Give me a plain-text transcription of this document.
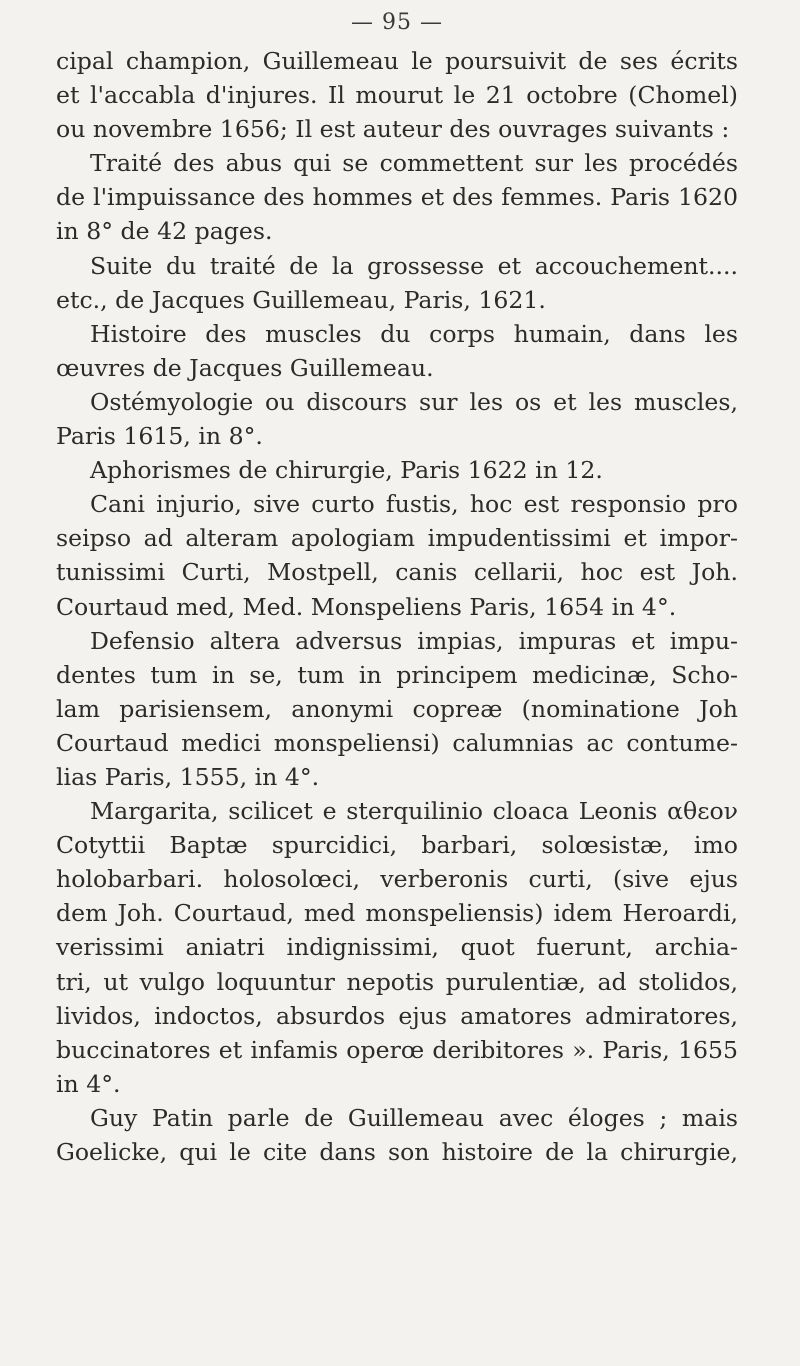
— 95 —
cipal champion, Guillemeau le poursuivit de ses écrits
et l'accabla d'injures. Il mourut le 21 octobre (Chomel)
ou novembre 1656; Il est auteur des ouvrages suivants :
Traité des abus qui se commettent sur les procédés
de l'impuissance des hommes et des femmes. Paris 1620
in 8° de 42 pages.
Suite du traité de la grossesse et accouchement....
etc., de Jacques Guillemeau, Paris, 1621.
Histoire des muscles du corps humain, dans les
œuvres de Jacques Guillemeau.
Ostémyologie ou discours sur les os et les muscles,
Paris 1615, in 8°.
Aphorismes de chirurgie, Paris 1622 in 12.
Cani injurio, sive curto fustis, hoc est responsio pro
seipso ad alteram apologiam impudentissimi et impor-
tunissimi Curti, Mostpell, canis cellarii, hoc est Joh.
Courtaud med, Med. Monspeliens Paris, 1654 in 4°.
Defensio altera adversus impias, impuras et impu-
dentes tum in se, tum in principem medicinæ, Scho-
lam parisiensem, anonymi copreæ (nominatione Joh
Courtaud medici monspeliensi) calumnias ac contume-
lias Paris, 1555, in 4°.
Margarita, scilicet e sterquilinio cloaca Leonis αθεον
Cotyttii Baptæ spurcidici, barbari, solœsistæ, imo
holobarbari. holosolœci, verberonis curti, (sive ejus
dem Joh. Courtaud, med monspeliensis) idem Heroardi,
verissimi aniatri indignissimi, quot fuerunt, archia-
tri, ut vulgo loquuntur nepotis purulentiæ, ad stolidos,
lividos, indoctos, absurdos ejus amatores admiratores,
buccinatores et infamis operœ deribitores ». Paris, 1655
in 4°.
Guy Patin parle de Guillemeau avec éloges ; mais
Goelicke, qui le cite dans son histoire de la chirurgie,
